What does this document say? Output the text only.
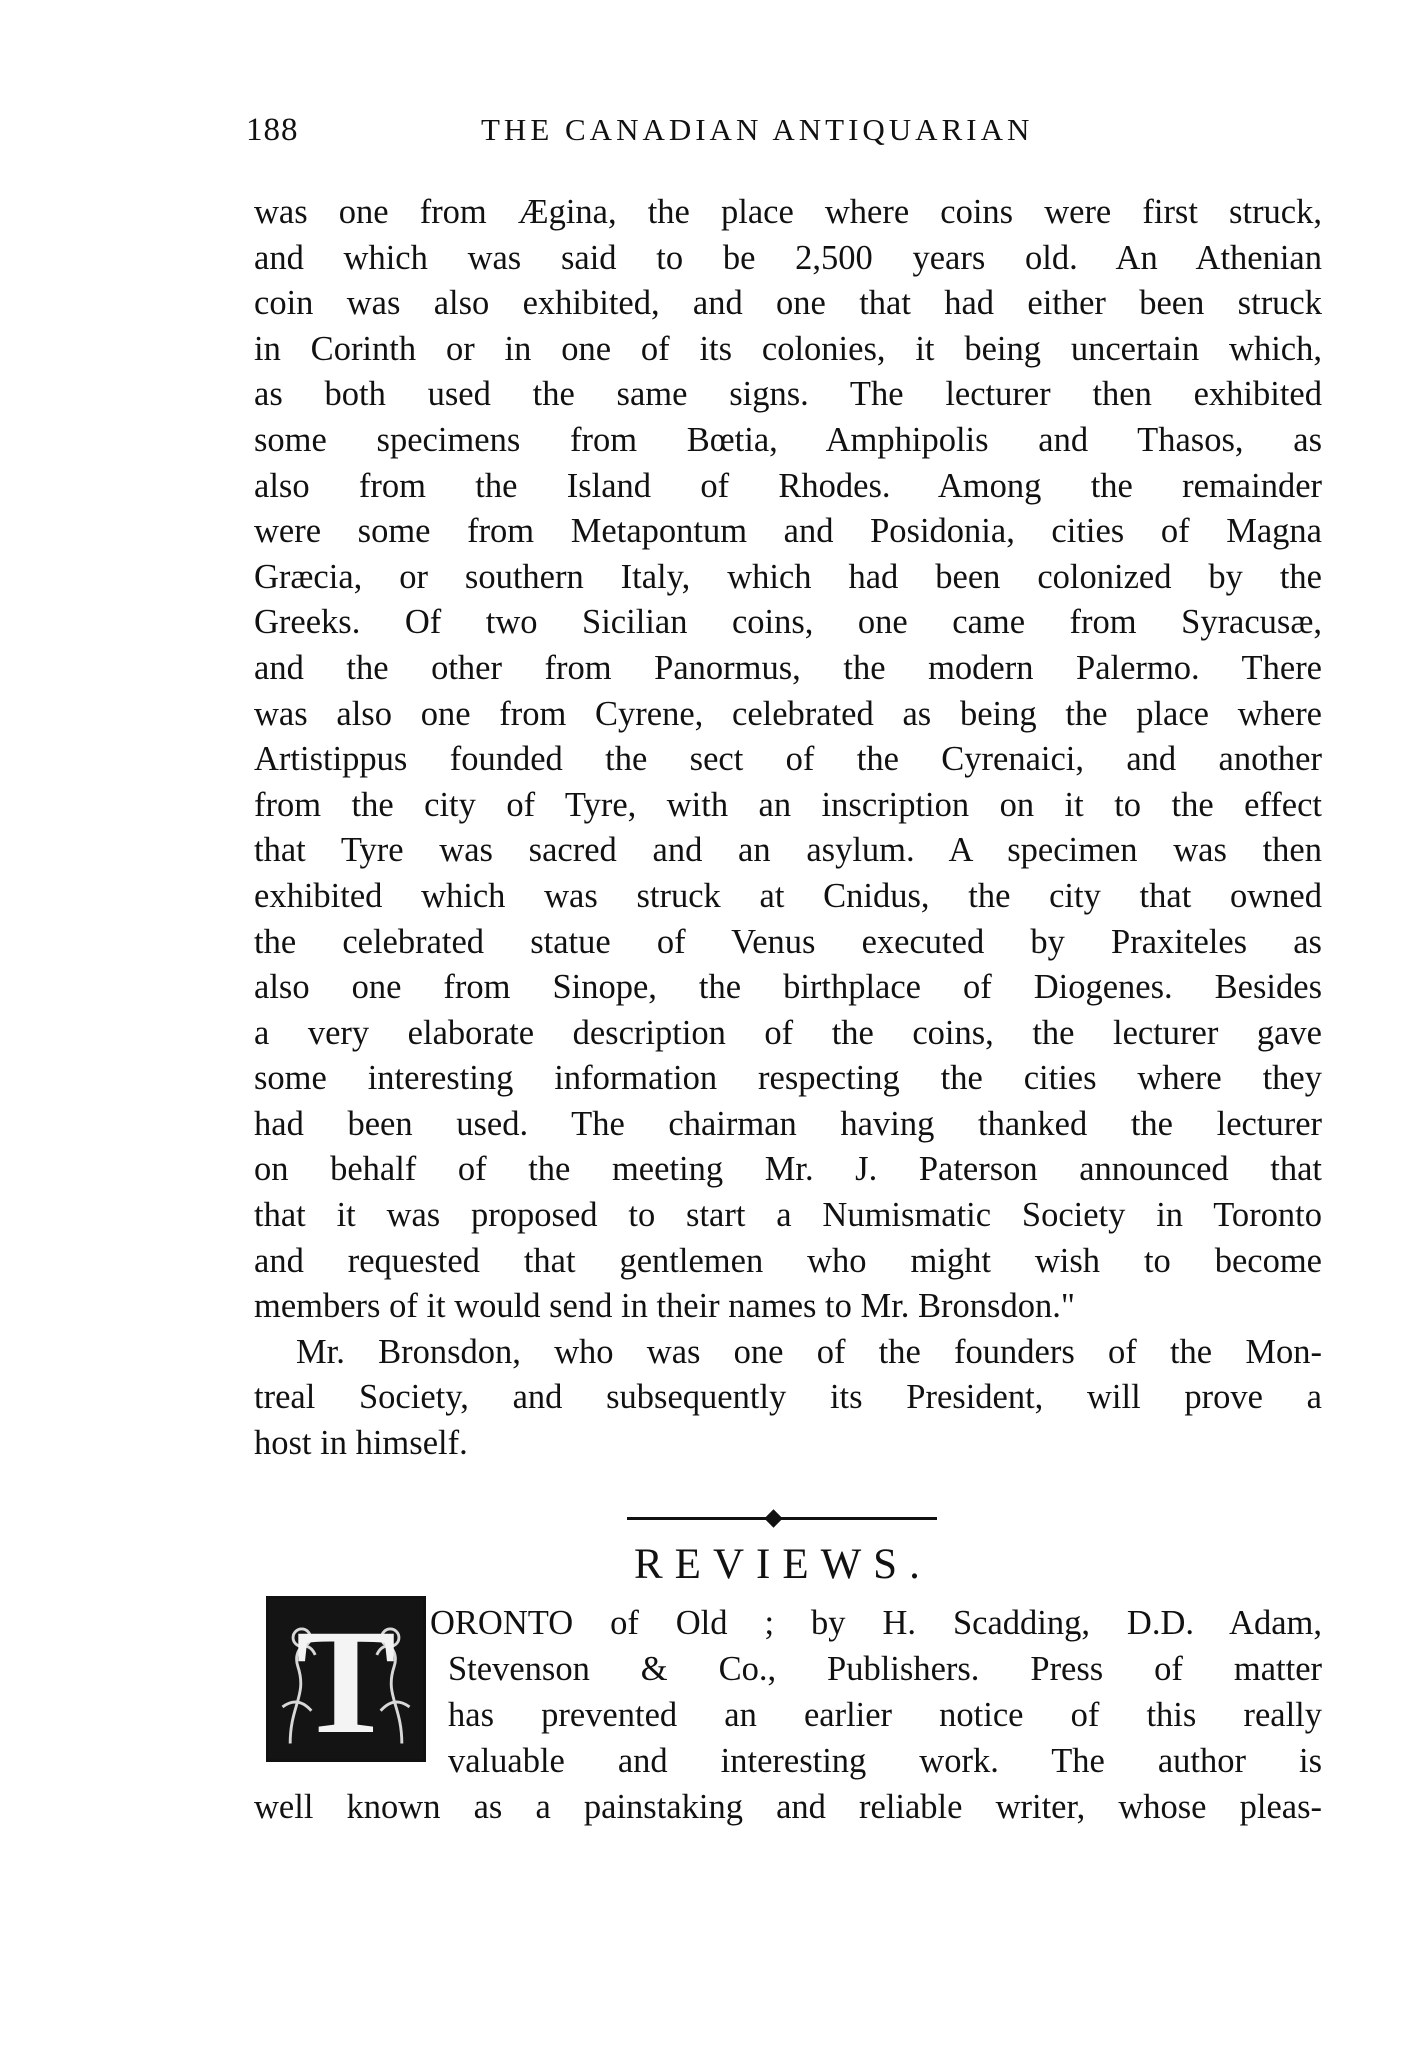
188	THE CANADIAN ANTIQUARIAN
was one from Ægina, the place where coins were first struck,
and which was said to be 2,500 years old. An Athenian
coin was also exhibited, and one that had either been struck
in Corinth or in one of its colonies, it being uncertain which,
as both used the same signs. The lecturer then exhibited
some specimens from Bœtia, Amphipolis and Thasos, as
also from the Island of Rhodes. Among the remainder
were some from Metapontum and Posidonia, cities of Magna
Græcia, or southern Italy, which had been colonized by the
Greeks. Of two Sicilian coins, one came from Syracusæ,
and the other from Panormus, the modern Palermo. There
was also one from Cyrene, celebrated as being the place where
Artistippus founded the sect of the Cyrenaici, and another
from the city of Tyre, with an inscription on it to the effect
that Tyre was sacred and an asylum. A specimen was then
exhibited which was struck at Cnidus, the city that owned
the celebrated statue of Venus executed by Praxiteles as
also one from Sinope, the birthplace of Diogenes. Besides
a very elaborate description of the coins, the lecturer gave
some interesting information respecting the cities where they
had been used. The chairman having thanked the lecturer
on behalf of the meeting Mr. J. Paterson announced that
that it was proposed to start a Numismatic Society in Toronto
and requested that gentlemen who might wish to become
members of it would send in their names to Mr. Bronsdon."
Mr. Bronsdon, who was one of the founders of the Mon-
treal Society, and subsequently its President, will prove a
host in himself.
REVIEWS.
T ORONTO of Old ; by H. Scadding, D.D. Adam,
Stevenson & Co., Publishers. Press of matter
has prevented an earlier notice of this really
valuable and interesting work. The author is
well known as a painstaking and reliable writer, whose pleas-
